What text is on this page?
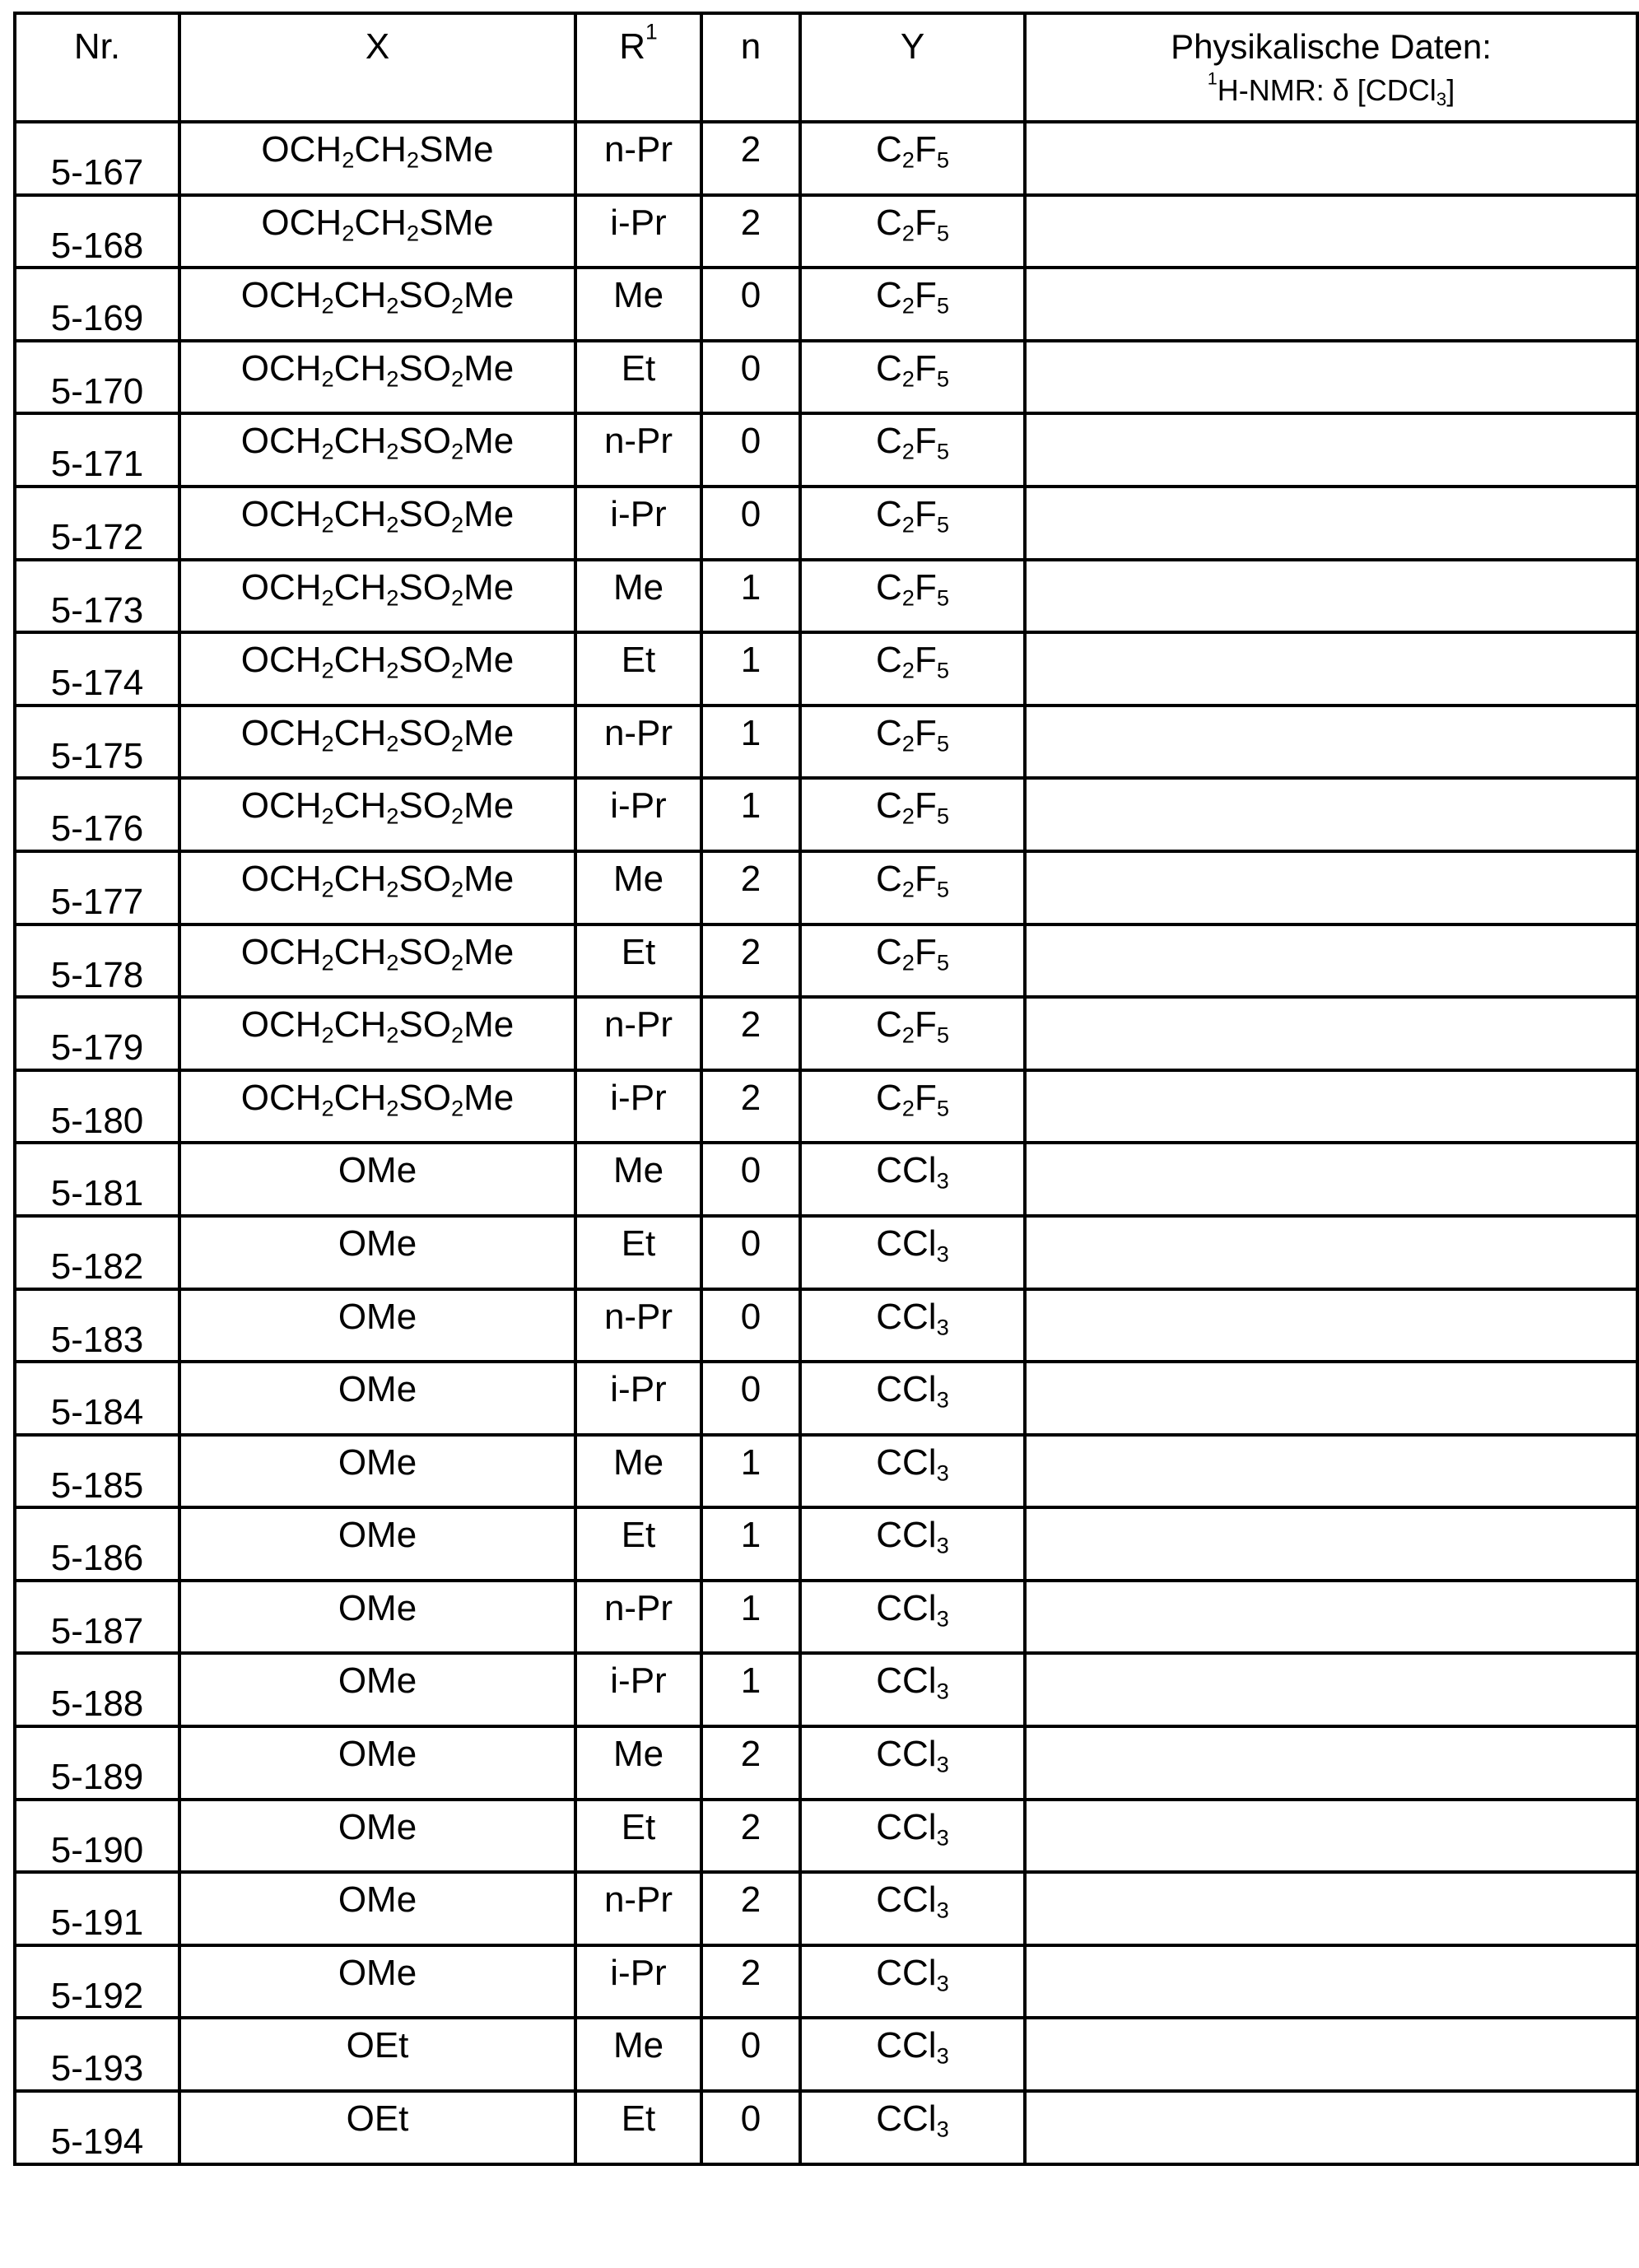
Nr.	X	$R^1$	n	Y	Physikalische Daten:
$^1$H-NMR: δ [CDCl$_3$]

5-167	$OCH_2CH_2SMe$	n-Pr	2	$C_2F_5$

5-168	$OCH_2CH_2SMe$	i-Pr	2	$C_2F_5$

5-169	$OCH_2CH_2SO_2Me$	Me	0	$C_2F_5$

5-170	$OCH_2CH_2SO_2Me$	Et	0	$C_2F_5$

5-171	$OCH_2CH_2SO_2Me$	n-Pr	0	$C_2F_5$

5-172	$OCH_2CH_2SO_2Me$	i-Pr	0	$C_2F_5$

5-173	$OCH_2CH_2SO_2Me$	Me	1	$C_2F_5$

5-174	$OCH_2CH_2SO_2Me$	Et	1	$C_2F_5$

5-175	$OCH_2CH_2SO_2Me$	n-Pr	1	$C_2F_5$

5-176	$OCH_2CH_2SO_2Me$	i-Pr	1	$C_2F_5$

5-177	$OCH_2CH_2SO_2Me$	Me	2	$C_2F_5$

5-178	$OCH_2CH_2SO_2Me$	Et	2	$C_2F_5$

5-179	$OCH_2CH_2SO_2Me$	n-Pr	2	$C_2F_5$

5-180	$OCH_2CH_2SO_2Me$	i-Pr	2	$C_2F_5$

5-181	OMe	Me	0	CCl$_3$

5-182	OMe	Et	0	CCl$_3$

5-183	OMe	n-Pr	0	CCl$_3$

5-184	OMe	i-Pr	0	CCl$_3$

5-185	OMe	Me	1	CCl$_3$

5-186	OMe	Et	1	CCl$_3$

5-187	OMe	n-Pr	1	CCl$_3$

5-188	OMe	i-Pr	1	CCl$_3$

5-189	OMe	Me	2	CCl$_3$

5-190	OMe	Et	2	CCl$_3$

5-191	OMe	n-Pr	2	CCl$_3$

5-192	OMe	i-Pr	2	CCl$_3$

5-193	OEt	Me	0	CCl$_3$

5-194	OEt	Et	0	CCl$_3$
